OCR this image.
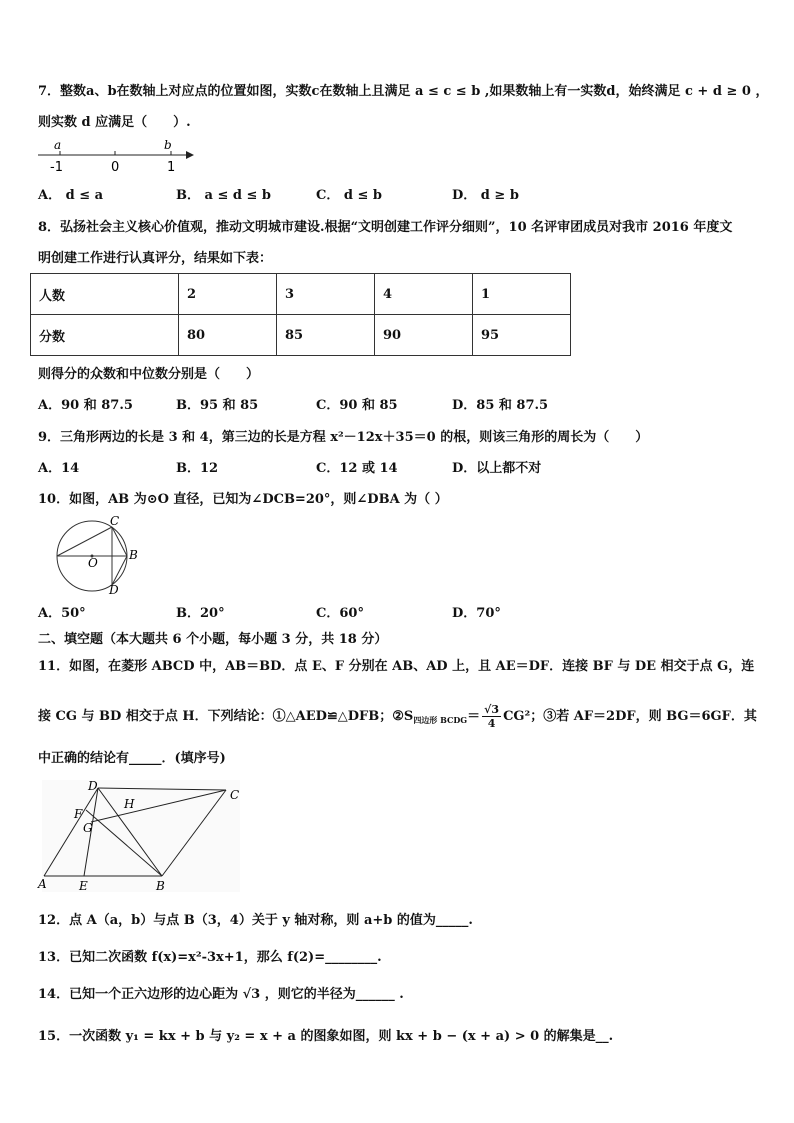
7．整数a、b在数轴上对应点的位置如图，实数c在数轴上且满足 a ≤ c ≤ b ,如果数轴上有一实数d，始终满足 c + d ≥ 0 ，
则实数 d 应满足（　　）.
a	b
-1	0	1
A． d ≤ a	B． a ≤ d ≤ b	C． d ≤ b	D． d ≥ b
8．弘扬社会主义核心价值观，推动文明城市建设.根据“文明创建工作评分细则”，10 名评审团成员对我市 2016 年度文
明创建工作进行认真评分，结果如下表：
人数	2	3	4	1
分数	80	85	90	95
则得分的众数和中位数分别是（　　）
A．90 和 87.5	B．95 和 85	C．90 和 85	D．85 和 87.5
9．三角形两边的长是 3 和 4，第三边的长是方程 x²－12x＋35＝0 的根，则该三角形的周长为（　　）
A．14	B．12	C．12 或 14	D．以上都不对
10．如图，AB 为⊙O 直径，已知为∠DCB=20°，则∠DBA 为（ ）
C
O
B
D
A．50°	B．20°	C．60°	D．70°
二、填空题（本大题共 6 个小题，每小题 3 分，共 18 分）
11．如图，在菱形 ABCD 中，AB＝BD．点 E、F 分别在 AB、AD 上，且 AE＝DF．连接 BF 与 DE 相交于点 G，连
接 CG 与 BD 相交于点 H．下列结论：①△AED≌△DFB；$②S_{四边形 BCDG}= \frac{√3}{4} CG^2$；③若 AF＝2DF，则 BG＝6GF．其
中正确的结论有_____．(填序号)
D
H
C
F
G
A	E	B
12．点 A（a，b）与点 B（3，4）关于 y 轴对称，则 a+b 的值为_____.
13．已知二次函数 f(x)=x²-3x+1，那么 f(2)=________.
14．已知一个正六边形的边心距为 √3 ，则它的半径为______ .
15．一次函数 y₁ = kx + b 与 y₂ = x + a 的图象如图，则 kx + b − (x + a) > 0 的解集是__.
